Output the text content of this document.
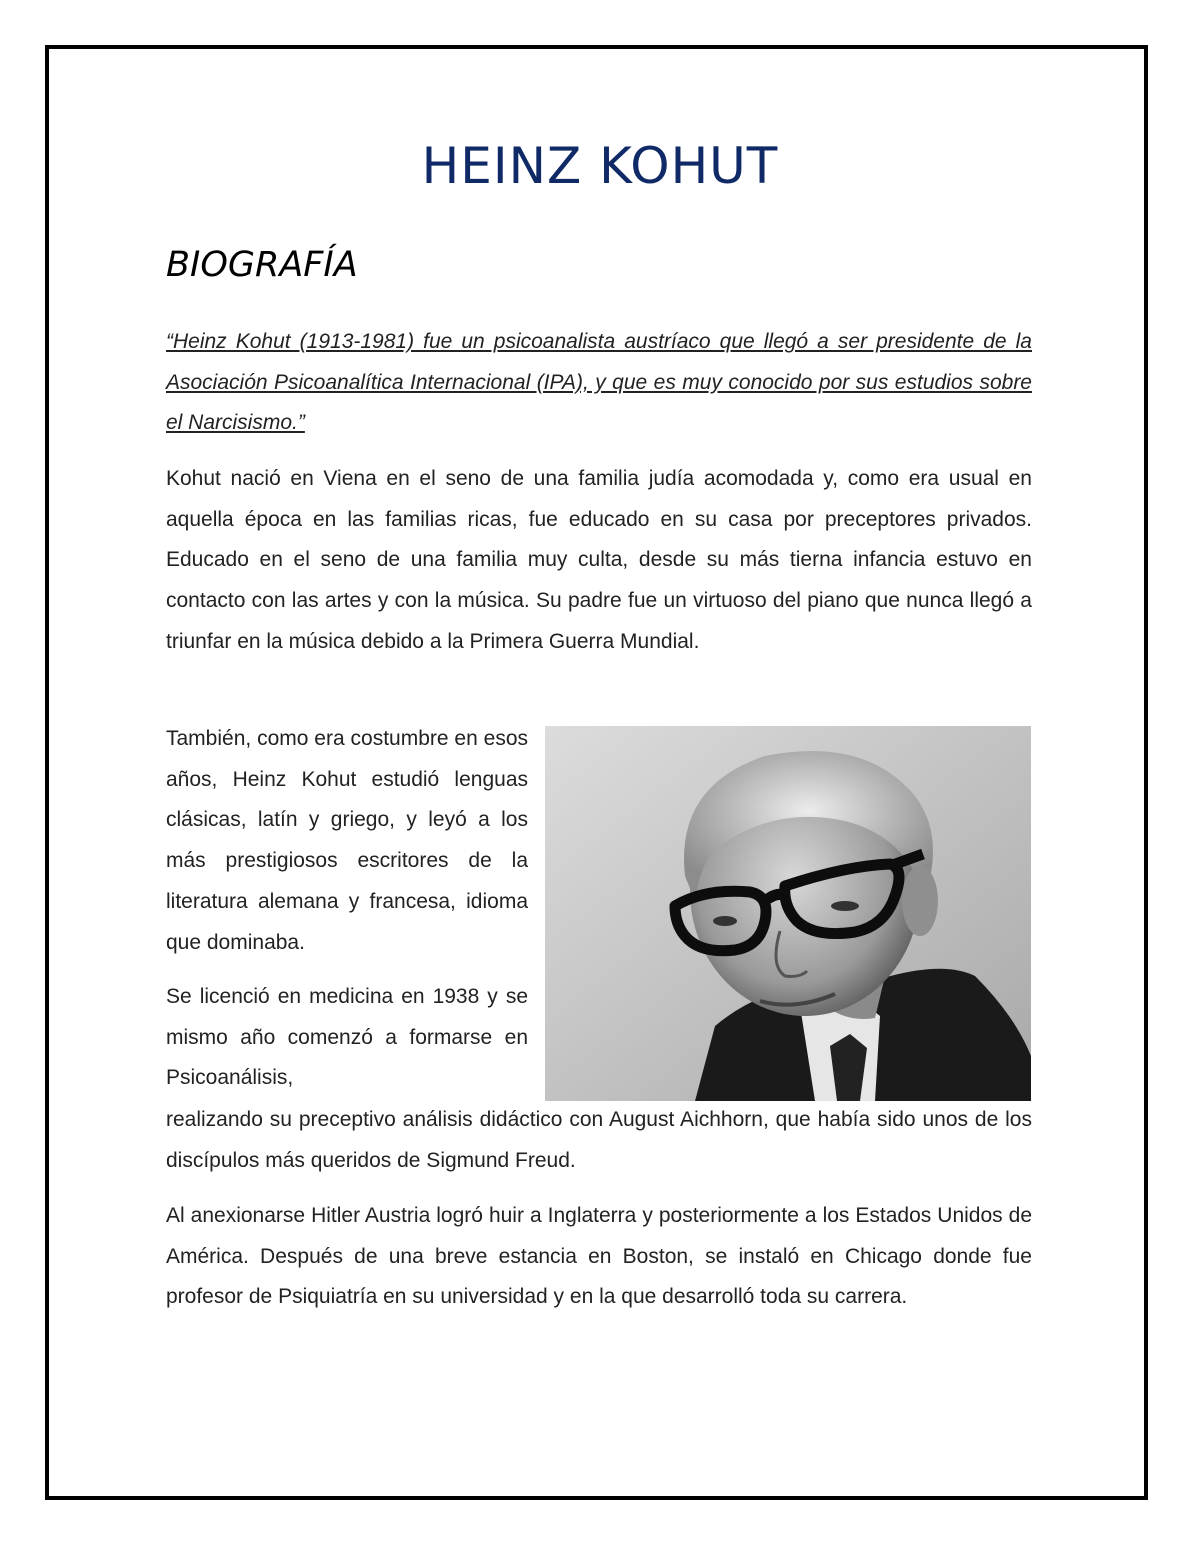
HEINZ KOHUT
BIOGRAFÍA

“Heinz Kohut (1913-1981) fue un psicoanalista austríaco que llegó a ser presidente de la Asociación Psicoanalítica Internacional (IPA), y que es muy conocido por sus estudios sobre el Narcisismo.”

Kohut nació en Viena en el seno de una familia judía acomodada y, como era usual en aquella época en las familias ricas, fue educado en su casa por preceptores privados. Educado en el seno de una familia muy culta, desde su más tierna infancia estuvo en contacto con las artes y con la música. Su padre fue un virtuoso del piano que nunca llegó a triunfar en la música debido a la Primera Guerra Mundial.

También, como era costumbre en esos años, Heinz Kohut estudió lenguas clásicas, latín y griego, y leyó a los más prestigiosos escritores de la literatura alemana y francesa, idioma que dominaba.

Se licenció en medicina en 1938 y se mismo año comenzó a formarse en Psicoanálisis,

realizando su preceptivo análisis didáctico con August Aichhorn, que había sido unos de los discípulos más queridos de Sigmund Freud.

Al anexionarse Hitler Austria logró huir a Inglaterra y posteriormente a los Estados Unidos de América. Después de una breve estancia en Boston, se instaló en Chicago donde fue profesor de Psiquiatría en su universidad y en la que desarrolló toda su carrera.
